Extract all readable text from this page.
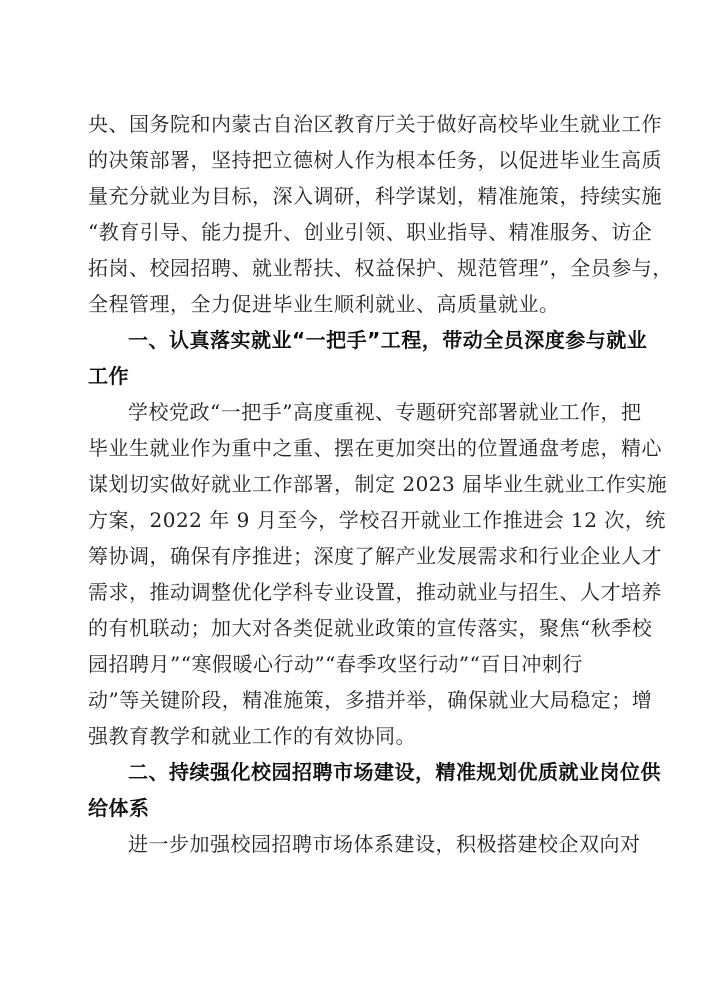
央、国务院和内蒙古自治区教育厅关于做好高校毕业生就业工作
的决策部署，坚持把立德树人作为根本任务，以促进毕业生高质
量充分就业为目标，深入调研，科学谋划，精准施策，持续实施
“教育引导、能力提升、创业引领、职业指导、精准服务、访企
拓岗、校园招聘、就业帮扶、权益保护、规范管理”，全员参与，
全程管理，全力促进毕业生顺利就业、高质量就业。
一、认真落实就业“一把手”工程，带动全员深度参与就业
工作
学校党政“一把手”高度重视、专题研究部署就业工作，把
毕业生就业作为重中之重、摆在更加突出的位置通盘考虑，精心
谋划切实做好就业工作部署，制定 2023 届毕业生就业工作实施
方案，2022 年 9 月至今，学校召开就业工作推进会 12 次，统
筹协调，确保有序推进；深度了解产业发展需求和行业企业人才
需求，推动调整优化学科专业设置，推动就业与招生、人才培养
的有机联动；加大对各类促就业政策的宣传落实，聚焦“秋季校
园招聘月”“寒假暖心行动”“春季攻坚行动”“百日冲刺行
动”等关键阶段，精准施策，多措并举，确保就业大局稳定；增
强教育教学和就业工作的有效协同。
二、持续强化校园招聘市场建设，精准规划优质就业岗位供
给体系
进一步加强校园招聘市场体系建设，积极搭建校企双向对
